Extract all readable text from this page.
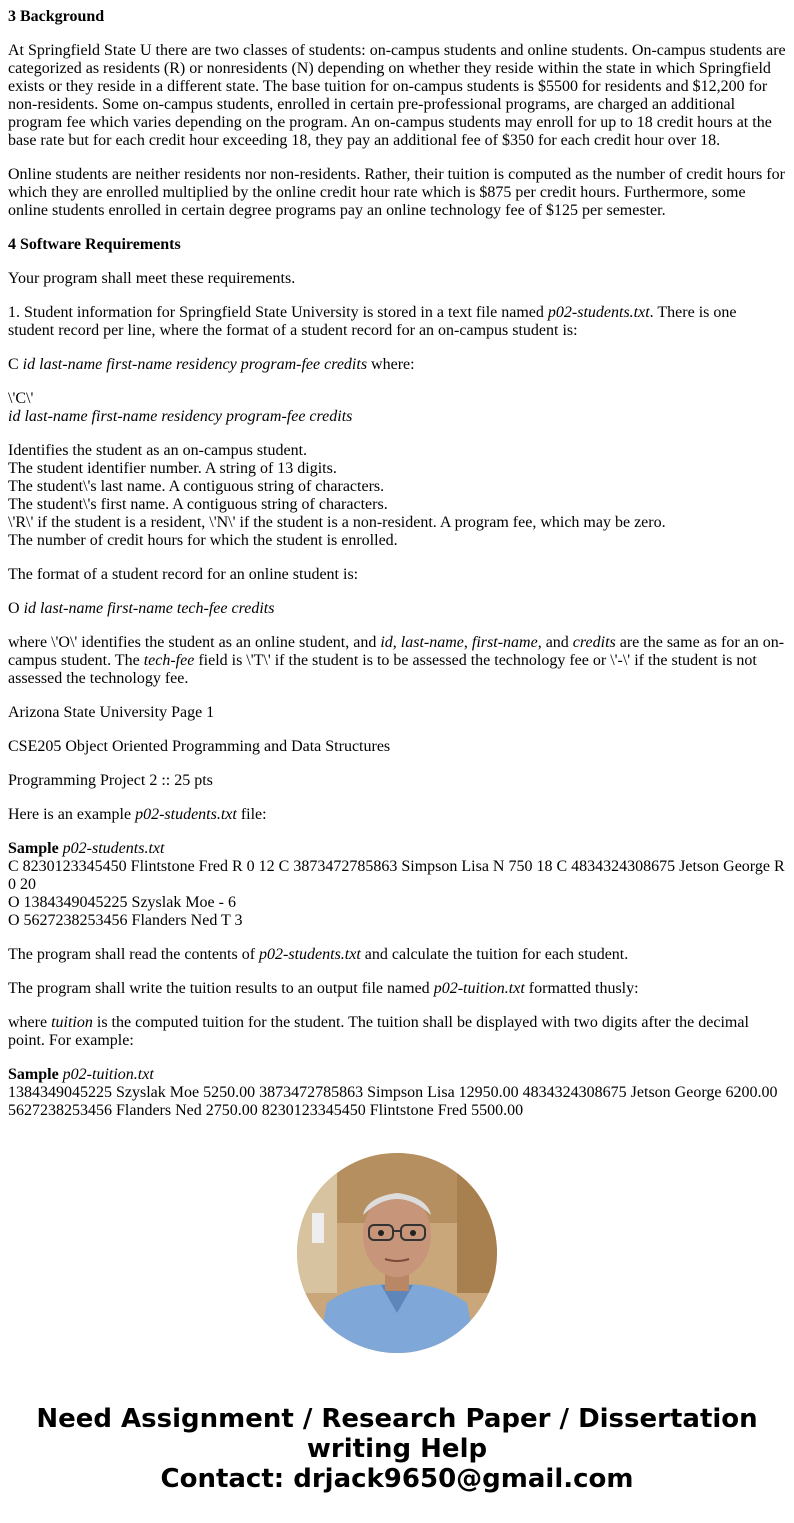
3 Background

At Springfield State U there are two classes of students: on-campus students and online students. On-campus students are categorized as residents (R) or nonresidents (N) depending on whether they reside within the state in which Springfield exists or they reside in a different state. The base tuition for on-campus students is $5500 for residents and $12,200 for non-residents. Some on-campus students, enrolled in certain pre-professional programs, are charged an additional program fee which varies depending on the program. An on-campus students may enroll for up to 18 credit hours at the base rate but for each credit hour exceeding 18, they pay an additional fee of $350 for each credit hour over 18.

Online students are neither residents nor non-residents. Rather, their tuition is computed as the number of credit hours for which they are enrolled multiplied by the online credit hour rate which is $875 per credit hours. Furthermore, some online students enrolled in certain degree programs pay an online technology fee of $125 per semester.

4 Software Requirements

Your program shall meet these requirements.

1. Student information for Springfield State University is stored in a text file named p02-students.txt. There is one student record per line, where the format of a student record for an on-campus student is:

C id last-name first-name residency program-fee credits where:

\'C\'
id last-name first-name residency program-fee credits

Identifies the student as an on-campus student.
The student identifier number. A string of 13 digits.
The student\'s last name. A contiguous string of characters.
The student\'s first name. A contiguous string of characters.
\'R\' if the student is a resident, \'N\' if the student is a non-resident. A program fee, which may be zero.
The number of credit hours for which the student is enrolled.

The format of a student record for an online student is:

O id last-name first-name tech-fee credits

where \'O\' identifies the student as an online student, and id, last-name, first-name, and credits are the same as for an on-campus student. The tech-fee field is \'T\' if the student is to be assessed the technology fee or \'-\' if the student is not assessed the technology fee.

Arizona State University Page 1

CSE205 Object Oriented Programming and Data Structures

Programming Project 2 :: 25 pts

Here is an example p02-students.txt file:

Sample p02-students.txt
C 8230123345450 Flintstone Fred R 0 12 C 3873472785863 Simpson Lisa N 750 18 C 4834324308675 Jetson George R 0 20
O 1384349045225 Szyslak Moe - 6
O 5627238253456 Flanders Ned T 3

The program shall read the contents of p02-students.txt and calculate the tuition for each student.

The program shall write the tuition results to an output file named p02-tuition.txt formatted thusly:

where tuition is the computed tuition for the student. The tuition shall be displayed with two digits after the decimal point. For example:

Sample p02-tuition.txt
1384349045225 Szyslak Moe 5250.00 3873472785863 Simpson Lisa 12950.00 4834324308675 Jetson George 6200.00 5627238253456 Flanders Ned 2750.00 8230123345450 Flintstone Fred 5500.00

Need Assignment / Research Paper / Dissertation
writing Help
Contact: drjack9650@gmail.com
